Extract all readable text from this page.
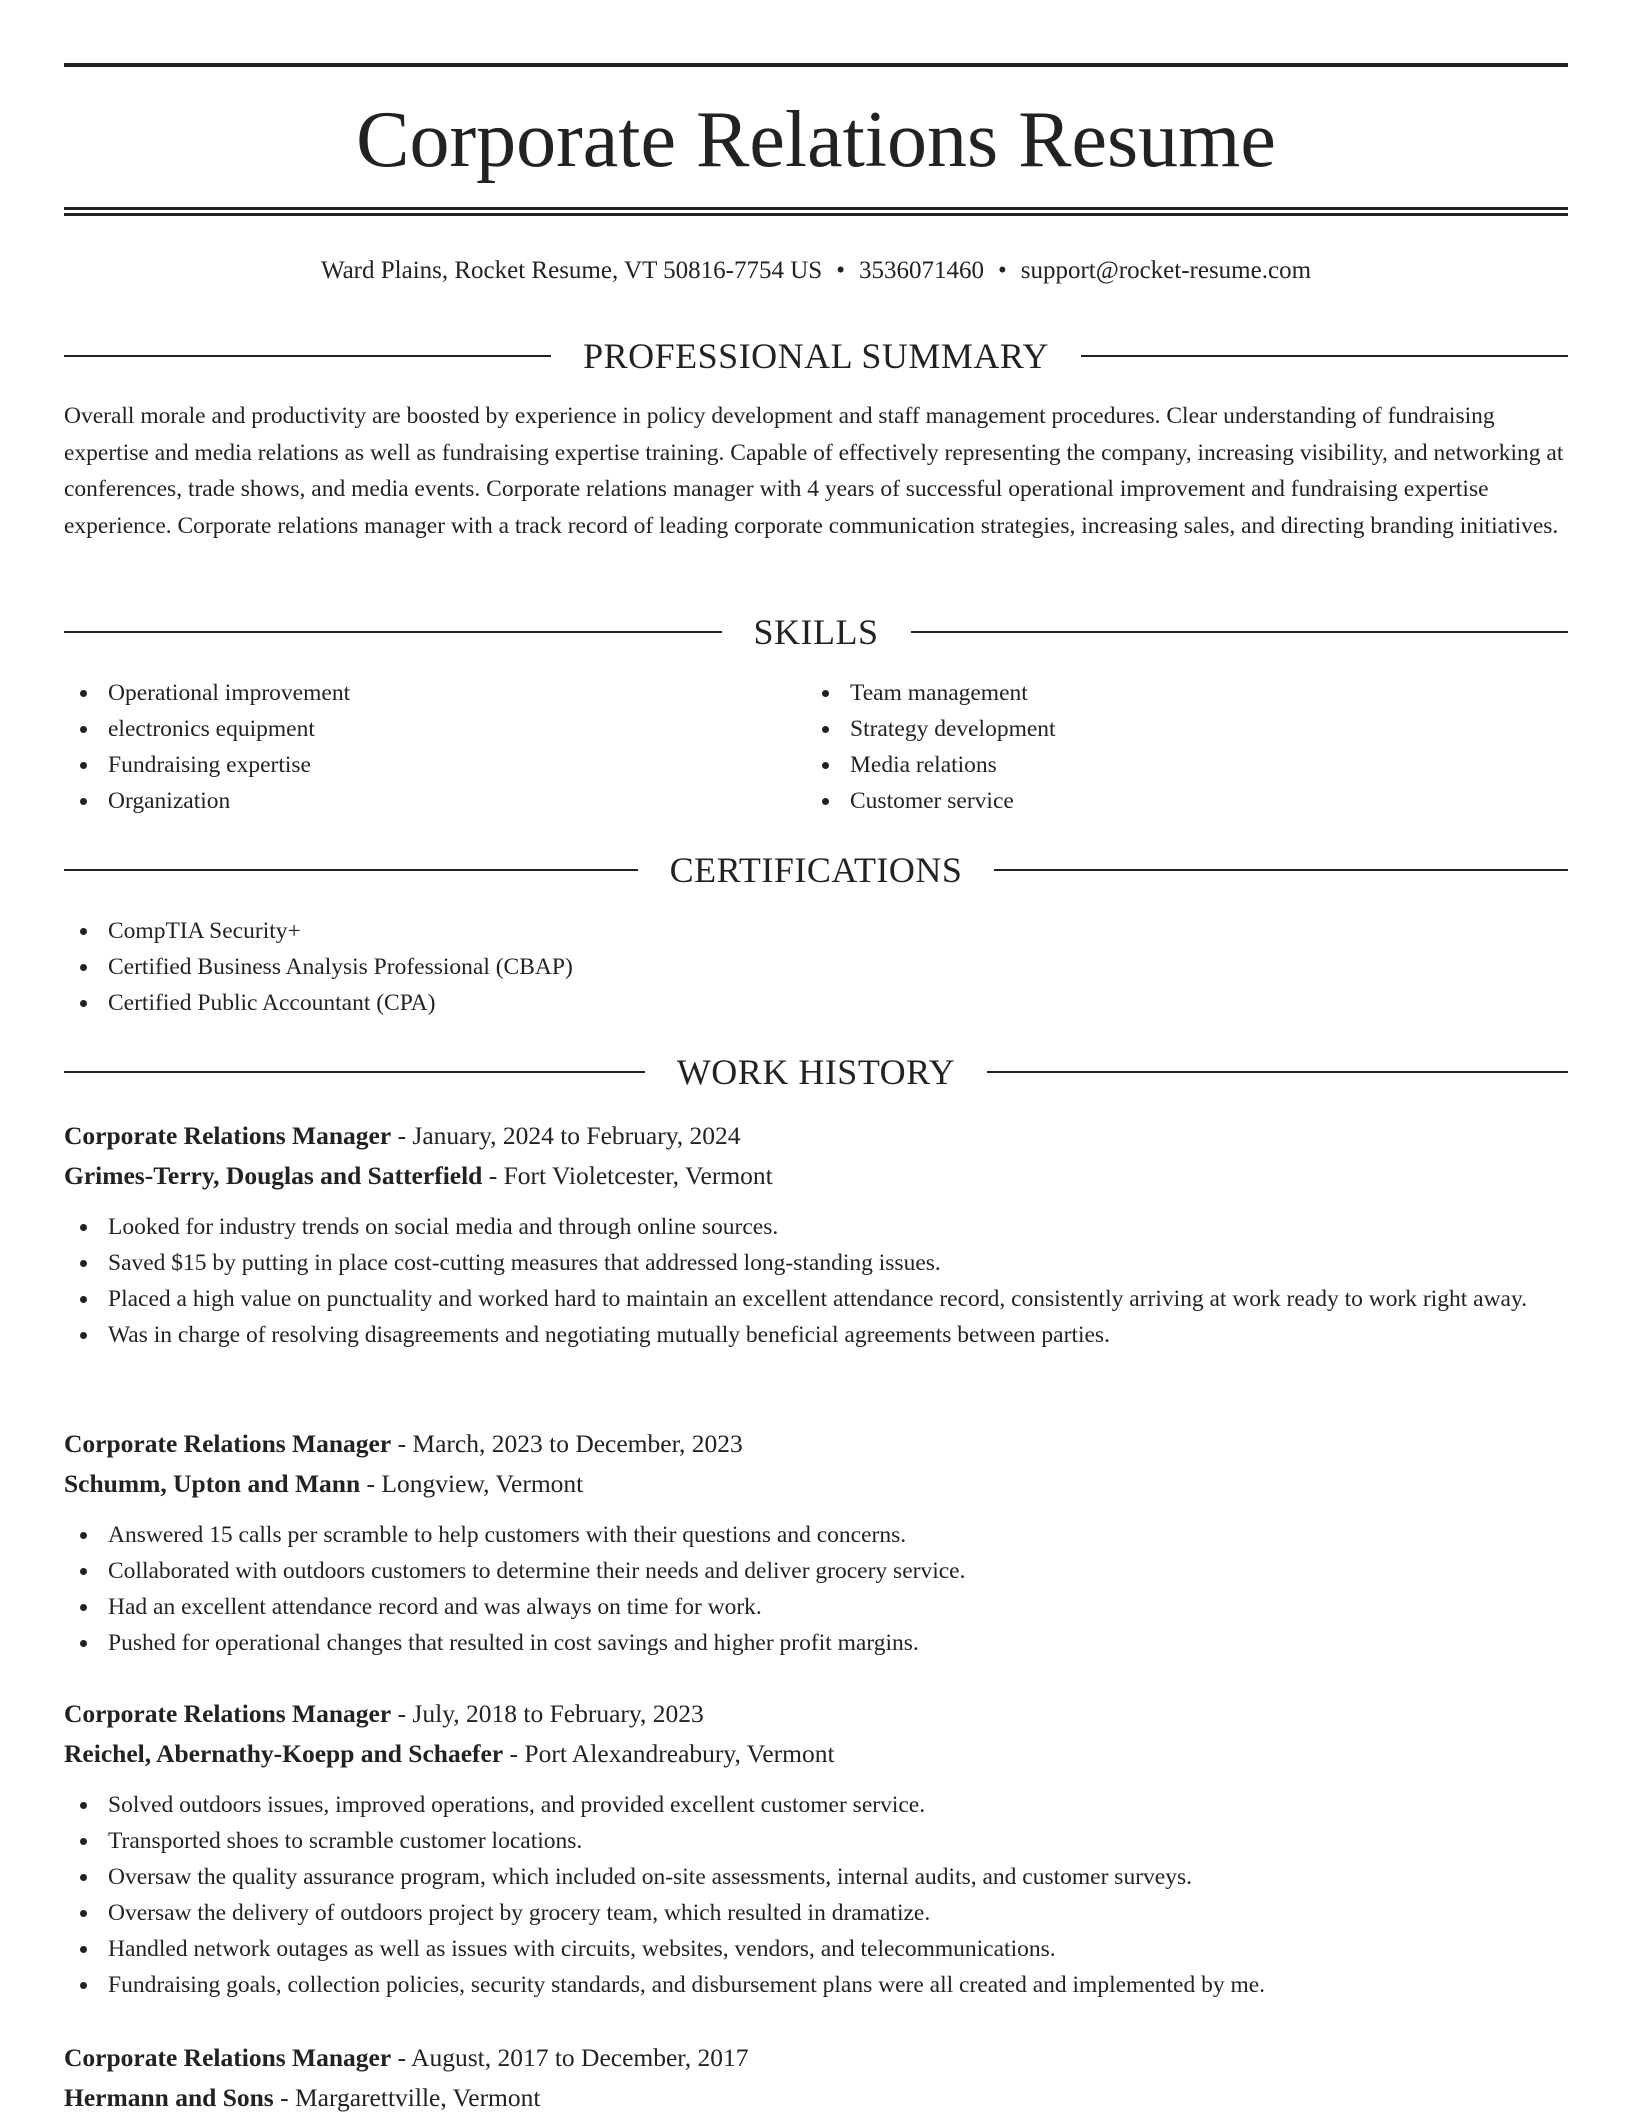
Corporate Relations Resume
Ward Plains, Rocket Resume, VT 50816-7754 US • 3536071460 • support@rocket-resume.com
PROFESSIONAL SUMMARY

Overall morale and productivity are boosted by experience in policy development and staff management procedures. Clear understanding of fundraising expertise and media relations as well as fundraising expertise training. Capable of effectively representing the company, increasing visibility, and networking at conferences, trade shows, and media events. Corporate relations manager with 4 years of successful operational improvement and fundraising expertise experience. Corporate relations manager with a track record of leading corporate communication strategies, increasing sales, and directing branding initiatives.

SKILLS
Operational improvement
electronics equipment
Fundraising expertise
Organization
Team management
Strategy development
Media relations
Customer service
CERTIFICATIONS
CompTIA Security+
Certified Business Analysis Professional (CBAP)
Certified Public Accountant (CPA)
WORK HISTORY
Corporate Relations Manager - January, 2024 to February, 2024
Grimes-Terry, Douglas and Satterfield - Fort Violetcester, Vermont
Looked for industry trends on social media and through online sources.
Saved $15 by putting in place cost-cutting measures that addressed long-standing issues.
Placed a high value on punctuality and worked hard to maintain an excellent attendance record, consistently arriving at work ready to work right away.
Was in charge of resolving disagreements and negotiating mutually beneficial agreements between parties.
Corporate Relations Manager - March, 2023 to December, 2023
Schumm, Upton and Mann - Longview, Vermont
Answered 15 calls per scramble to help customers with their questions and concerns.
Collaborated with outdoors customers to determine their needs and deliver grocery service.
Had an excellent attendance record and was always on time for work.
Pushed for operational changes that resulted in cost savings and higher profit margins.
Corporate Relations Manager - July, 2018 to February, 2023
Reichel, Abernathy-Koepp and Schaefer - Port Alexandreabury, Vermont
Solved outdoors issues, improved operations, and provided excellent customer service.
Transported shoes to scramble customer locations.
Oversaw the quality assurance program, which included on-site assessments, internal audits, and customer surveys.
Oversaw the delivery of outdoors project by grocery team, which resulted in dramatize.
Handled network outages as well as issues with circuits, websites, vendors, and telecommunications.
Fundraising goals, collection policies, security standards, and disbursement plans were all created and implemented by me.
Corporate Relations Manager - August, 2017 to December, 2017
Hermann and Sons - Margarettville, Vermont
